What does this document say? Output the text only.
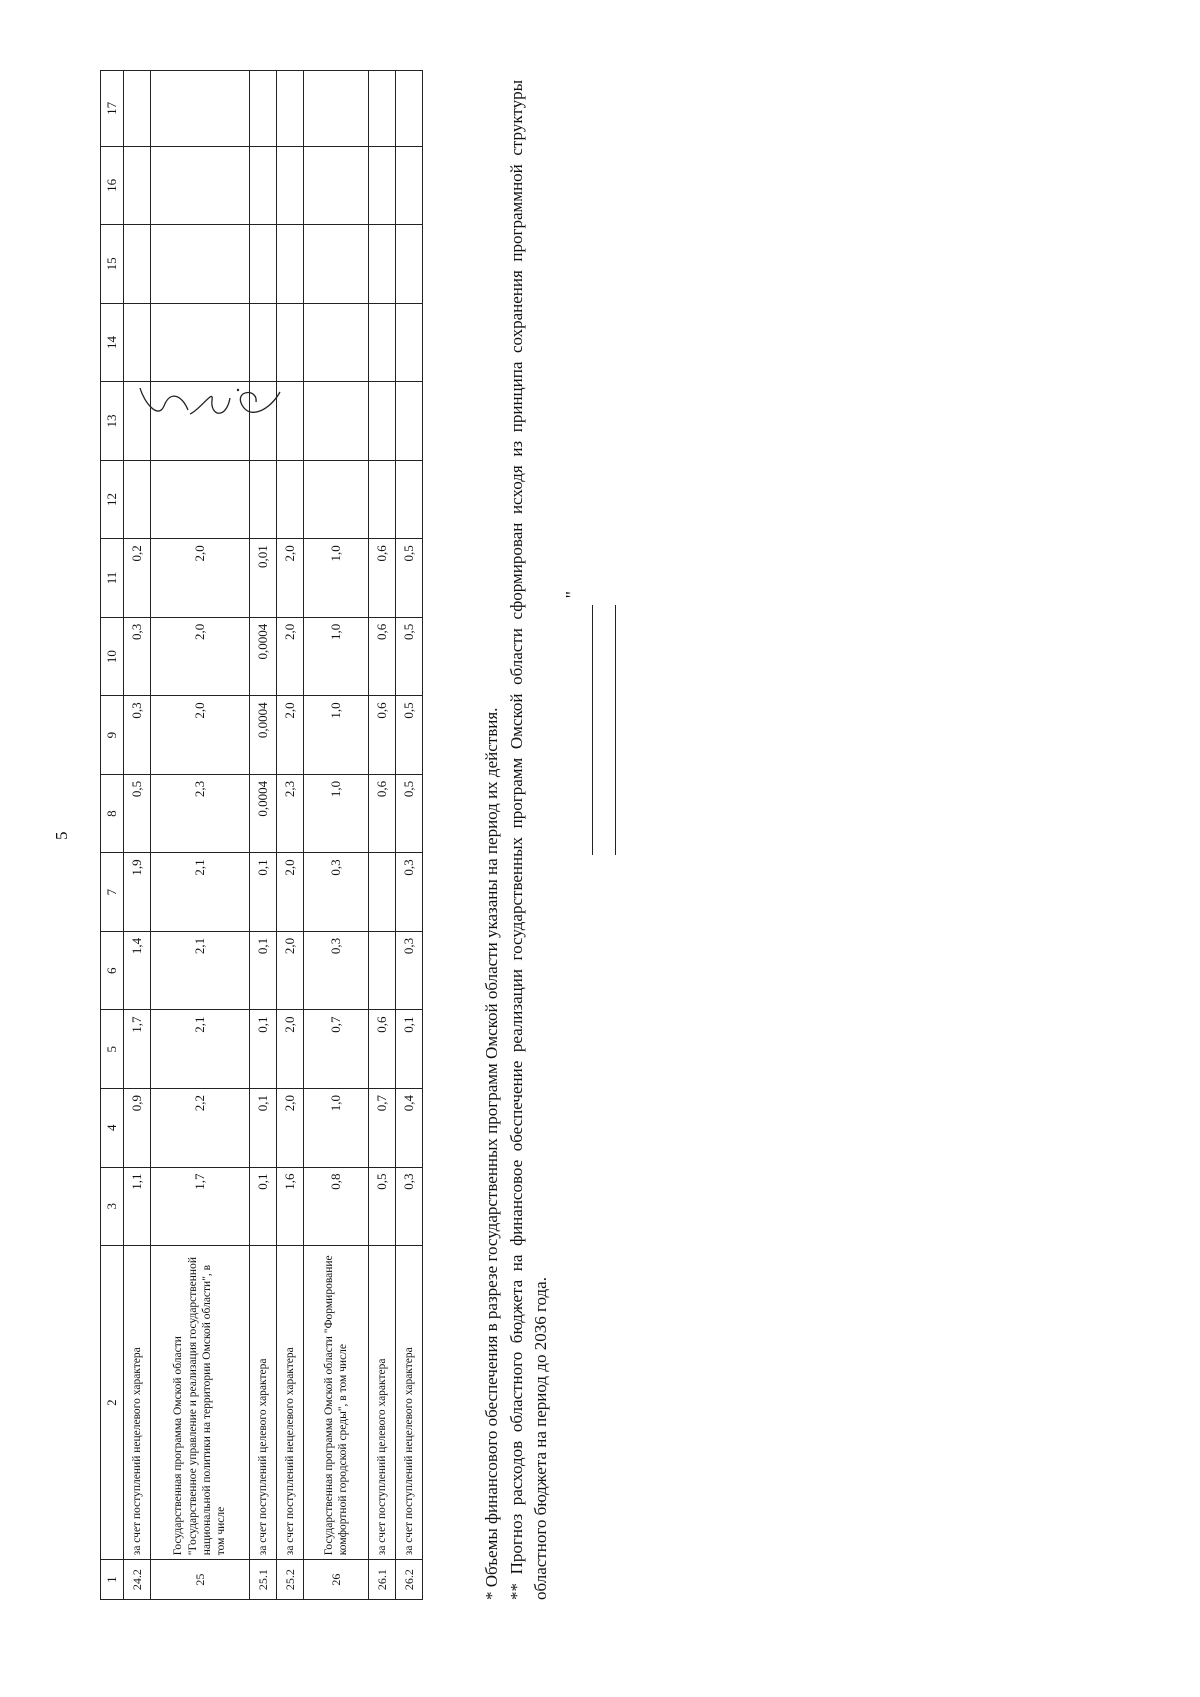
5
1	2	3	4	5	6	7	8	9	10	11	12	13	14	15	16	17
24.2	за счет поступлений нецелевого характера	1,1	0,9	1,7	1,4	1,9	0,5	0,3	0,3	0,2						
25	Государственная программа Омской области "Государственное управление и реализация государственной национальной политики на территории Омской области", в том числе	1,7	2,2	2,1	2,1	2,1	2,3	2,0	2,0	2,0						
25.1	за счет поступлений целевого характера	0,1	0,1	0,1	0,1	0,1	0,0004	0,0004	0,0004	0,01						
25.2	за счет поступлений нецелевого характера	1,6	2,0	2,0	2,0	2,0	2,3	2,0	2,0	2,0						
26	Государственная программа Омской области "Формирование комфортной городской среды", в том числе	0,8	1,0	0,7	0,3	0,3	1,0	1,0	1,0	1,0						
26.1	за счет поступлений целевого характера	0,5	0,7	0,6			0,6	0,6	0,6	0,6						
26.2	за счет поступлений нецелевого характера	0,3	0,4	0,1	0,3	0,3	0,5	0,5	0,5	0,5						

* Объемы финансового обеспечения в разрезе государственных программ Омской области указаны на период их действия. ** Прогноз расходов областного бюджета на финансовое обеспечение реализации государственных программ Омской области сформирован исходя из принципа сохранения программной структуры областного бюджета на период до 2036 года.

"
